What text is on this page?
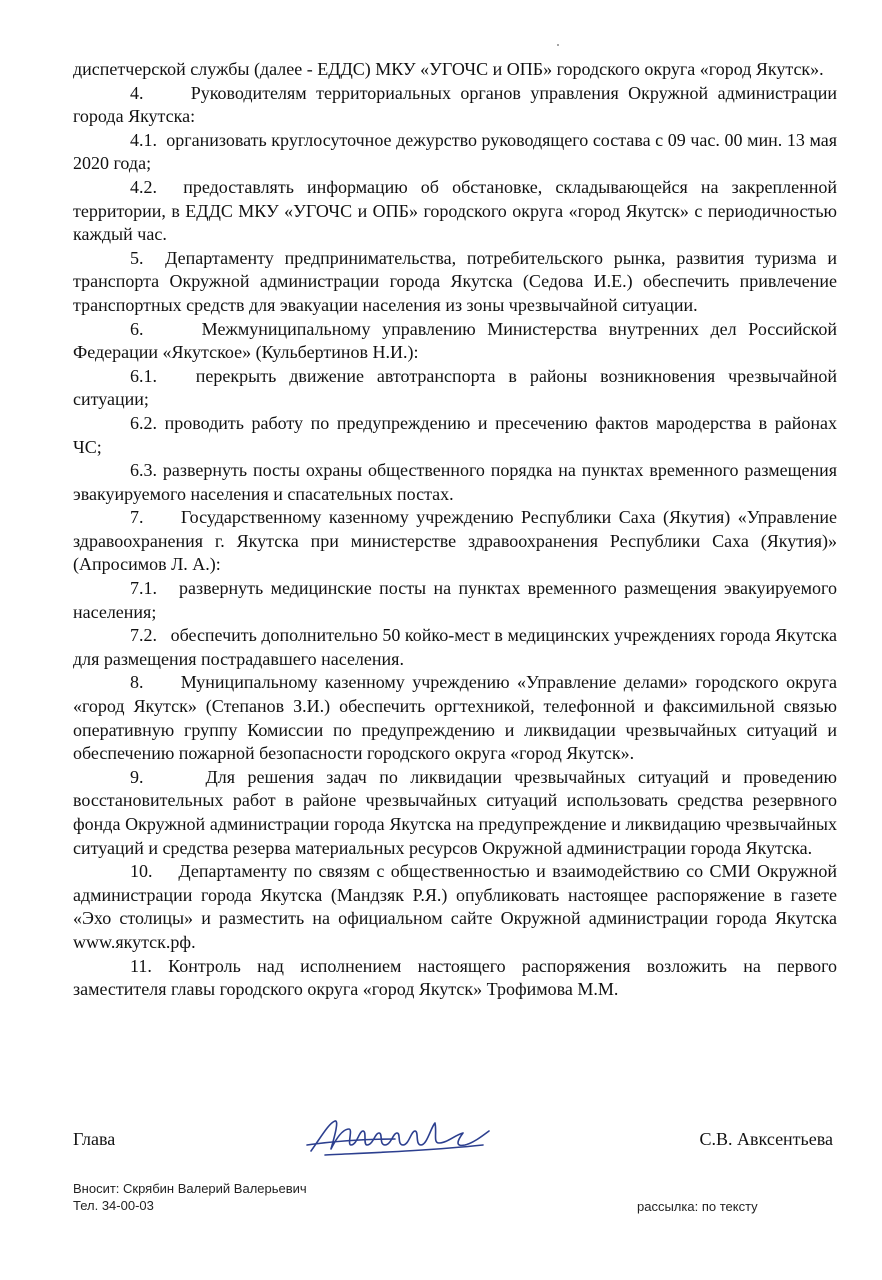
диспетчерской службы (далее - ЕДДС) МКУ «УГОЧС и ОПБ» городского округа «город Якутск».

4.     Руководителям территориальных органов управления Окружной администрации города Якутска:

4.1.  организовать круглосуточное дежурство руководящего состава с 09 час. 00 мин. 13 мая 2020 года;

4.2.  предоставлять информацию об обстановке, складывающейся на закрепленной территории, в ЕДДС МКУ «УГОЧС и ОПБ» городского округа «город Якутск» с периодичностью каждый час.

5.  Департаменту предпринимательства, потребительского рынка, развития туризма и транспорта Окружной администрации города Якутска (Седова И.Е.) обеспечить привлечение транспортных средств для эвакуации населения из зоны чрезвычайной ситуации.

6.     Межмуниципальному управлению Министерства внутренних дел Российской Федерации «Якутское» (Кульбертинов Н.И.):

6.1.   перекрыть движение автотранспорта в районы возникновения чрезвычайной ситуации;

6.2. проводить работу по предупреждению и пресечению фактов мародерства в районах ЧС;

6.3. развернуть посты охраны общественного порядка на пунктах временного размещения эвакуируемого населения и спасательных постах.

7.     Государственному казенному учреждению Республики Саха (Якутия) «Управление здравоохранения г. Якутска при министерстве здравоохранения Республики Саха (Якутия)» (Апросимов Л. А.):

7.1.   развернуть медицинские посты на пунктах временного размещения эвакуируемого населения;

7.2.   обеспечить дополнительно 50 койко-мест в медицинских учреждениях города Якутска для размещения пострадавшего населения.

8.     Муниципальному казенному учреждению «Управление делами» городского округа «город Якутск» (Степанов З.И.) обеспечить оргтехникой, телефонной и факсимильной связью оперативную группу Комиссии по предупреждению и ликвидации чрезвычайных ситуаций и обеспечению пожарной безопасности городского округа «город Якутск».

9.     Для решения задач по ликвидации чрезвычайных ситуаций и проведению восстановительных работ в районе чрезвычайных ситуаций использовать средства резервного фонда Окружной администрации города Якутска на предупреждение и ликвидацию чрезвычайных ситуаций и средства резерва материальных ресурсов Окружной администрации города Якутска.

10.    Департаменту по связям с общественностью и взаимодействию со СМИ Окружной администрации города Якутска (Мандзяк Р.Я.) опубликовать настоящее распоряжение в газете «Эхо столицы» и разместить на официальном сайте Окружной администрации города Якутска www.якутск.рф.

11. Контроль над исполнением настоящего распоряжения возложить на первого заместителя главы городского округа «город Якутск» Трофимова М.М.

Глава	С.В. Авксентьева
Вносит: Скрябин Валерий Валерьевич
Тел. 34-00-03	рассылка: по тексту
